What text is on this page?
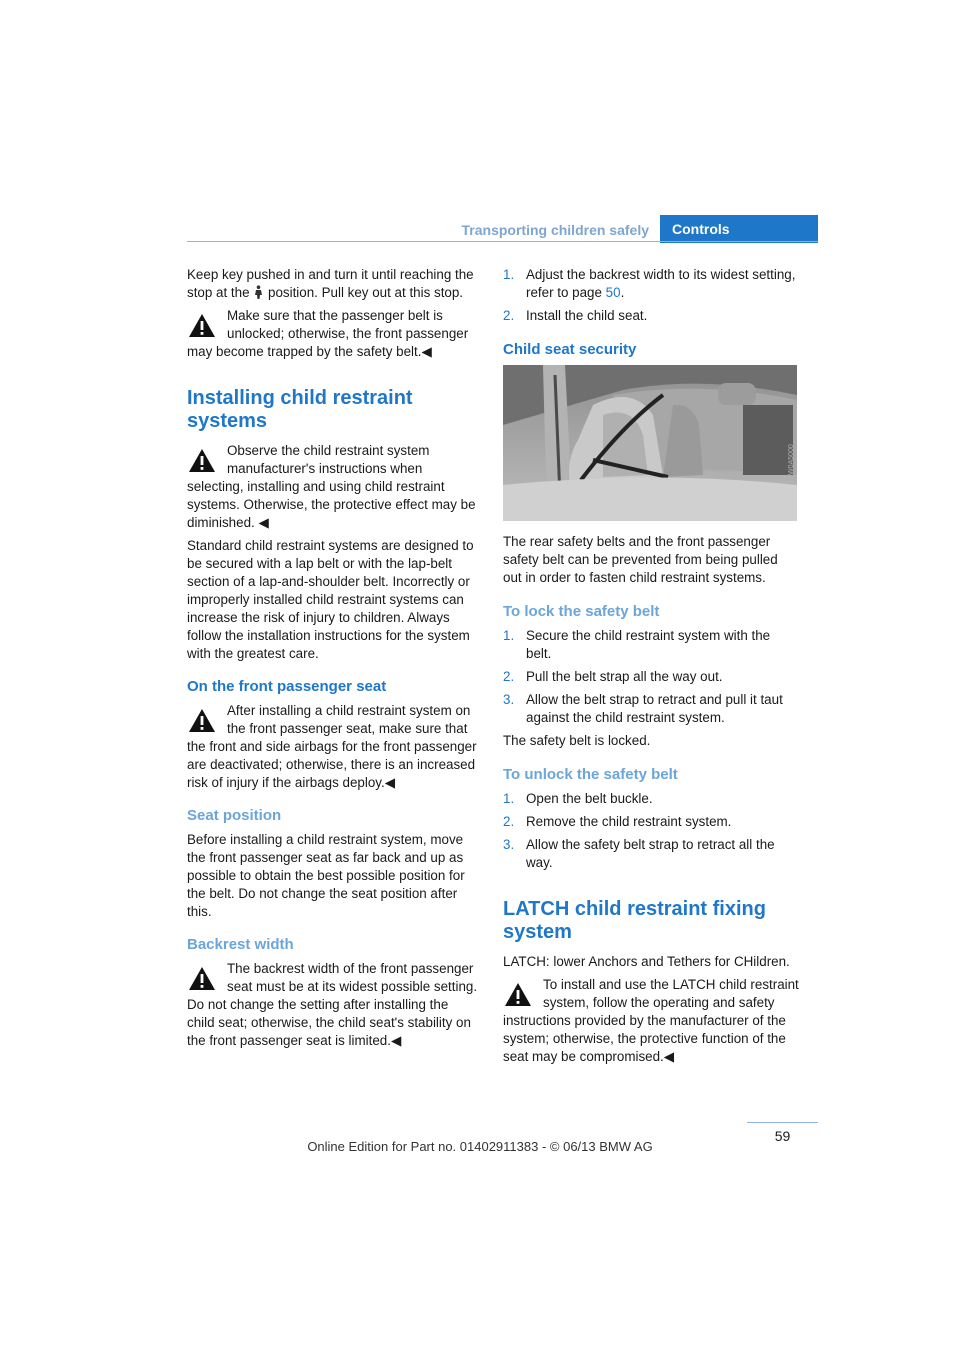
Transporting children safely Controls

Keep key pushed in and turn it until reaching the stop at the position. Pull key out at this stop.

Make sure that the passenger belt is unlocked; otherwise, the front passenger may become trapped by the safety belt.◀
Installing child restraint systems
Observe the child restraint system manufacturer's instructions when selecting, installing and using child restraint systems. Otherwise, the protective effect may be diminished. ◀

Standard child restraint systems are designed to be secured with a lap belt or with the lap-belt section of a lap-and-shoulder belt. Incorrectly or improperly installed child restraint systems can increase the risk of injury to children. Always follow the installation instructions for the system with the greatest care.

On the front passenger seat
After installing a child restraint system on the front passenger seat, make sure that the front and side airbags for the front passenger are deactivated; otherwise, there is an increased risk of injury if the airbags deploy.◀
Seat position

Before installing a child restraint system, move the front passenger seat as far back and up as possible to obtain the best possible position for the belt. Do not change the seat position after this.

Backrest width
The backrest width of the front passenger seat must be at its widest possible setting. Do not change the setting after installing the child seat; otherwise, the child seat's stability on the front passenger seat is limited.◀
1. Adjust the backrest width to its widest setting, refer to page 50.
2. Install the child seat.
Child seat security
W0A5000

The rear safety belts and the front passenger safety belt can be prevented from being pulled out in order to fasten child restraint systems.

To lock the safety belt
1. Secure the child restraint system with the belt.
2. Pull the belt strap all the way out.
3. Allow the belt strap to retract and pull it taut against the child restraint system.

The safety belt is locked.

To unlock the safety belt
1. Open the belt buckle.
2. Remove the child restraint system.
3. Allow the safety belt strap to retract all the way.
LATCH child restraint fixing system

LATCH: lower Anchors and Tethers for CHildren.

To install and use the LATCH child restraint system, follow the operating and safety instructions provided by the manufacturer of the system; otherwise, the protective function of the seat may be compromised.◀
59
Online Edition for Part no. 01402911383 - © 06/13 BMW AG
